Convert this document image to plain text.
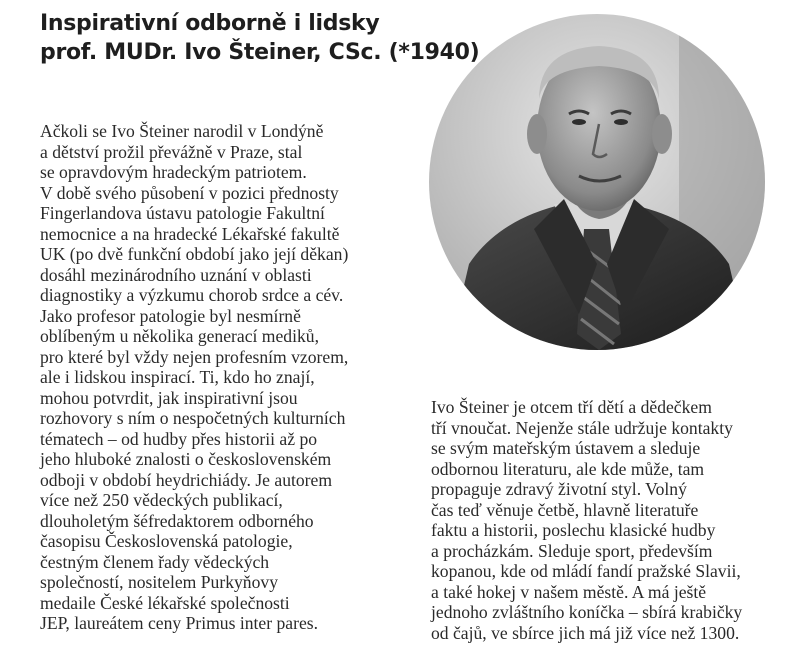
Inspirativní odborně i lidsky
prof. MUDr. Ivo Šteiner, CSc. (*1940)
Ačkoli se Ivo Šteiner narodil v Londýně
a dětství prožil převážně v Praze, stal
se opravdovým hradeckým patriotem.
V době svého působení v pozici přednosty
Fingerlandova ústavu patologie Fakultní
nemocnice a na hradecké Lékařské fakultě
UK (po dvě funkční období jako její děkan)
dosáhl mezinárodního uznání v oblasti
diagnostiky a výzkumu chorob srdce a cév.
Jako profesor patologie byl nesmírně
oblíbeným u několika generací mediků,
pro které byl vždy nejen profesním vzorem,
ale i lidskou inspirací. Ti, kdo ho znají,
mohou potvrdit, jak inspirativní jsou
rozhovory s ním o nespočetných kulturních
tématech – od hudby přes historii až po
jeho hluboké znalosti o československém
odboji v období heydrichiády. Je autorem
více než 250 vědeckých publikací,
dlouholetým šéfredaktorem odborného
časopisu Československá patologie,
čestným členem řady vědeckých
společností, nositelem Purkyňovy
medaile České lékařské společnosti
JEP, laureátem ceny Primus inter pares.
Ivo Šteiner je otcem tří dětí a dědečkem
tří vnoučat. Nejenže stále udržuje kontakty
se svým mateřským ústavem a sleduje
odbornou literaturu, ale kde může, tam
propaguje zdravý životní styl. Volný
čas teď věnuje četbě, hlavně literatuře
faktu a historii, poslechu klasické hudby
a procházkám. Sleduje sport, především
kopanou, kde od mládí fandí pražské Slavii,
a také hokej v našem městě. A má ještě
jednoho zvláštního koníčka – sbírá krabičky
od čajů, ve sbírce jich má již více než 1300.
